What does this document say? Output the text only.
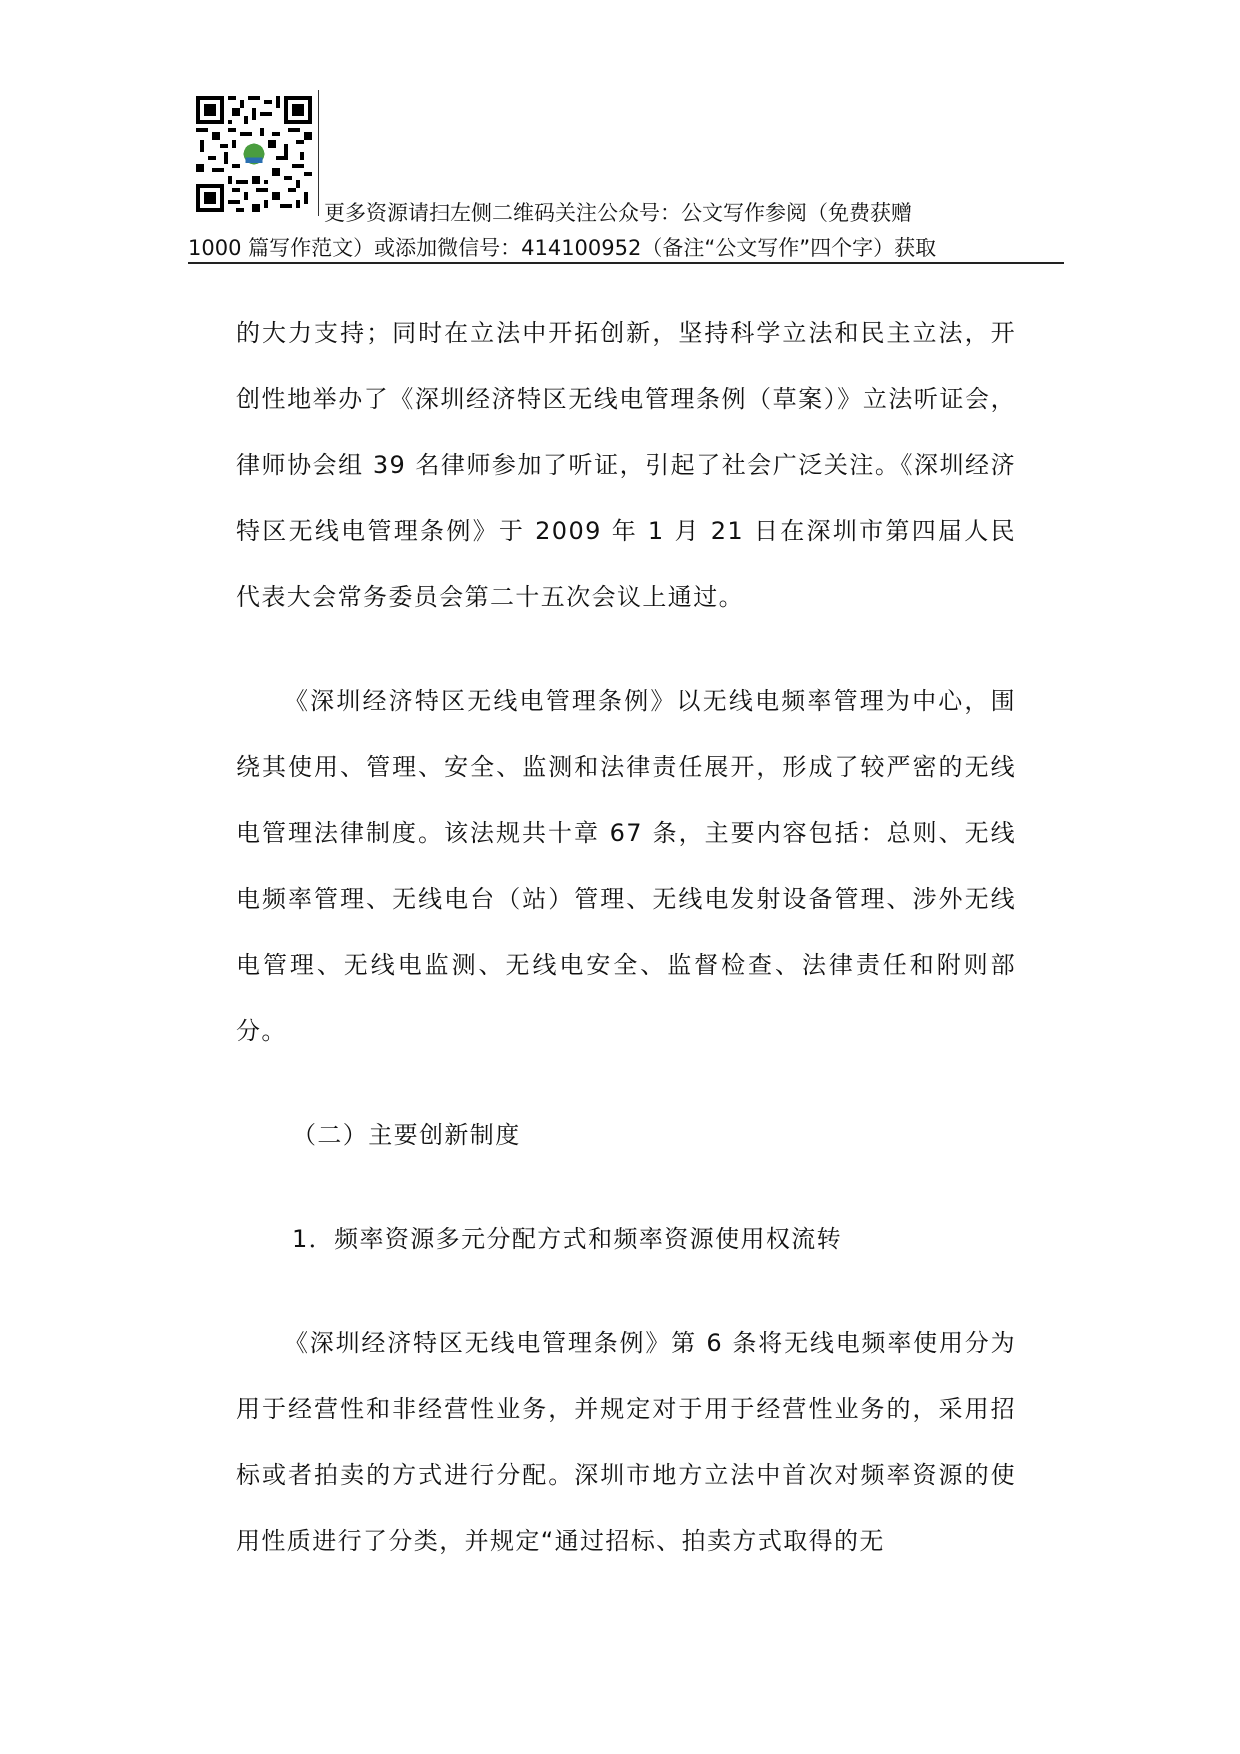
更多资源请扫左侧二维码关注公众号：公文写作参阅（免费获赠
1000 篇写作范文）或添加微信号：414100952（备注“公文写作”四个字）获取

的大力支持；同时在立法中开拓创新，坚持科学立法和民主立法，开创性地举办了《深圳经济特区无线电管理条例（草案）》立法听证会，律师协会组 39 名律师参加了听证，引起了社会广泛关注。《深圳经济特区无线电管理条例》于 2009 年 1 月 21 日在深圳市第四届人民代表大会常务委员会第二十五次会议上通过。

《深圳经济特区无线电管理条例》以无线电频率管理为中心，围绕其使用、管理、安全、监测和法律责任展开，形成了较严密的无线电管理法律制度。该法规共十章 67 条，主要内容包括：总则、无线电频率管理、无线电台（站）管理、无线电发射设备管理、涉外无线电管理、无线电监测、无线电安全、监督检查、法律责任和附则部分。

（二）主要创新制度

1．频率资源多元分配方式和频率资源使用权流转

《深圳经济特区无线电管理条例》第 6 条将无线电频率使用分为用于经营性和非经营性业务，并规定对于用于经营性业务的，采用招标或者拍卖的方式进行分配。深圳市地方立法中首次对频率资源的使用性质进行了分类，并规定“通过招标、拍卖方式取得的无
